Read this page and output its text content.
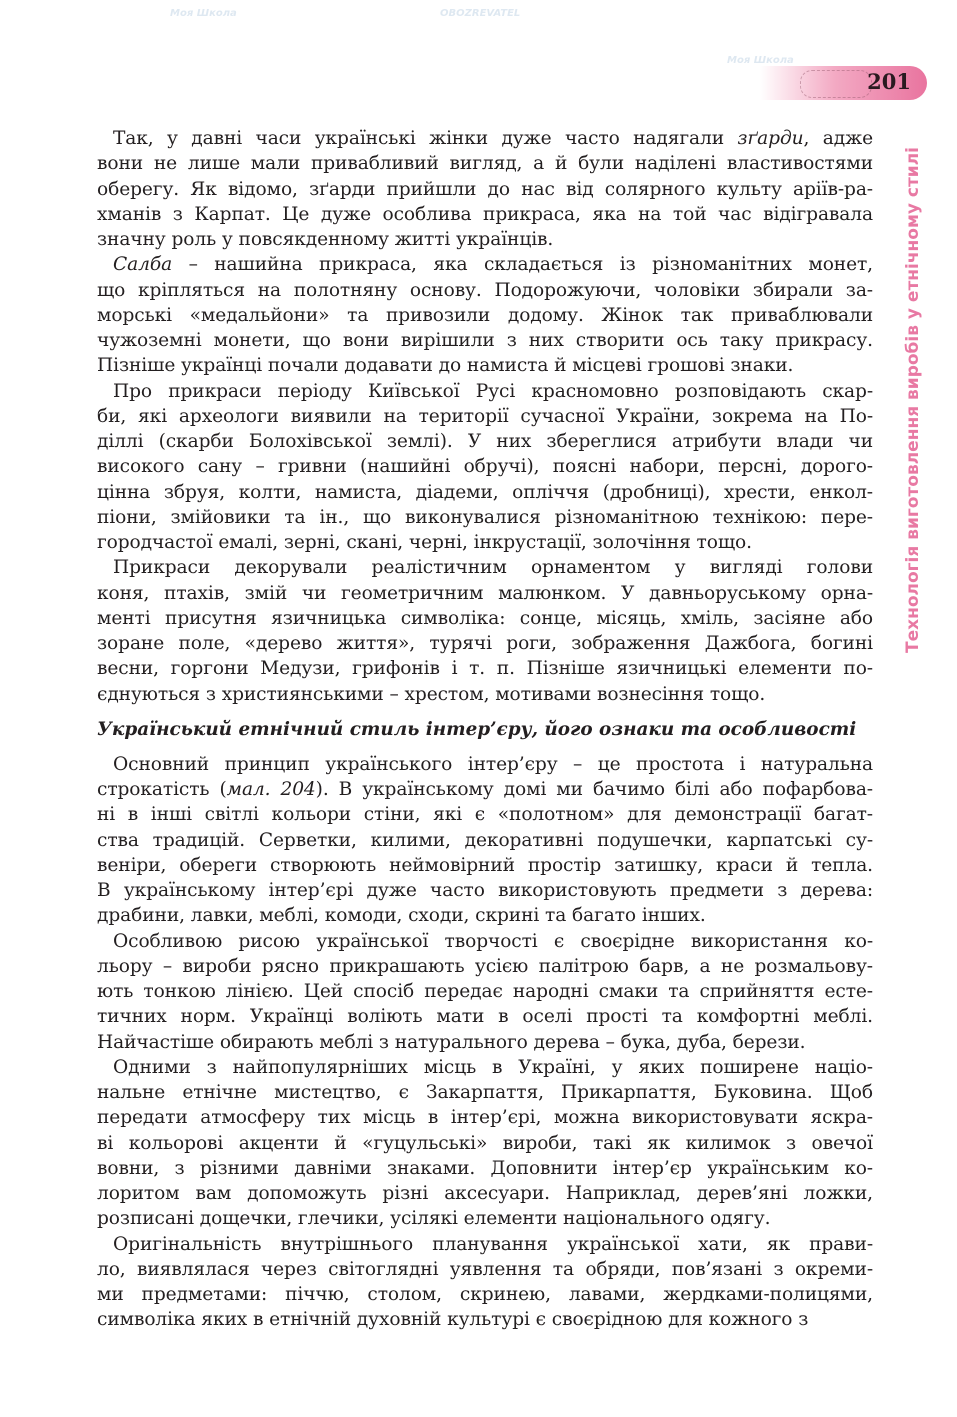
201
Технологія виготовлення виробів у етнічному стилі
Моя Школа	OBOZREVATEL
Моя Школа
Так, у давні часи українські жінки дуже часто надягали зґарди, адже
вони не лише мали привабливий вигляд, а й були наділені властивостями
оберегу. Як відомо, зґарди прийшли до нас від солярного культу аріїв-ра-
хманів з Карпат. Це дуже особлива прикраса, яка на той час відігравала
значну роль у повсякденному житті українців.
Салба – нашийна прикраса, яка складається із різноманітних монет,
що кріпляться на полотняну основу. Подорожуючи, чоловіки збирали за-
морські «медальйони» та привозили додому. Жінок так приваблювали
чужоземні монети, що вони вирішили з них створити ось таку прикрасу.
Пізніше українці почали додавати до намиста й місцеві грошові знаки.
Про прикраси періоду Київської Русі красномовно розповідають скар-
би, які археологи виявили на території сучасної України, зокрема на По-
діллі (скарби Болохівської землі). У них збереглися атрибути влади чи
високого сану – гривни (нашийні обручі), поясні набори, персні, дорого-
цінна збруя, колти, намиста, діадеми, опліччя (дробниці), хрести, енкол-
піони, змійовики та ін., що виконувалися різноманітною технікою: пере-
городчастої емалі, зерні, скані, черні, інкрустації, золочіння тощо.
Прикраси декорували реалістичним орнаментом у вигляді голови
коня, птахів, змій чи геометричним малюнком. У давньоруському орна-
менті присутня язичницька символіка: сонце, місяць, хміль, засіяне або
зоране поле, «дерево життя», турячі роги, зображення Дажбога, богині
весни, горгони Медузи, грифонів і т. п. Пізніше язичницькі елементи по-
єднуються з християнськими – хрестом, мотивами вознесіння тощо.
Український етнічний стиль інтер’єру, його ознаки та особливості
Основний принцип українського інтер’єру – це простота і натуральна
строкатість (мал. 204). В українському домі ми бачимо білі або пофарбова-
ні в інші світлі кольори стіни, які є «полотном» для демонстрації багат-
ства традицій. Серветки, килими, декоративні подушечки, карпатські су-
веніри, обереги створюють неймовірний простір затишку, краси й тепла.
В українському інтер’єрі дуже часто використовують предмети з дерева:
драбини, лавки, меблі, комоди, сходи, скрині та багато інших.
Особливою рисою української творчості є своєрідне використання ко-
льору – вироби рясно прикрашають усією палітрою барв, а не розмальову-
ють тонкою лінією. Цей спосіб передає народні смаки та сприйняття есте-
тичних норм. Українці воліють мати в оселі прості та комфортні меблі.
Найчастіше обирають меблі з натурального дерева – бука, дуба, берези.
Одними з найпопулярніших місць в Україні, у яких поширене націо-
нальне етнічне мистецтво, є Закарпаття, Прикарпаття, Буковина. Щоб
передати атмосферу тих місць в інтер’єрі, можна використовувати яскра-
ві кольорові акценти й «гуцульські» вироби, такі як килимок з овечої
вовни, з різними давніми знаками. Доповнити інтер’єр українським ко-
лоритом вам допоможуть різні аксесуари. Наприклад, дерев’яні ложки,
розписані дощечки, глечики, усілякі елементи національного одягу.
Оригінальність внутрішнього планування української хати, як прави-
ло, виявлялася через світоглядні уявлення та обряди, пов’язані з окреми-
ми предметами: піччю, столом, скринею, лавами, жердками-полицями,
символіка яких в етнічній духовній культурі є своєрідною для кожного з
